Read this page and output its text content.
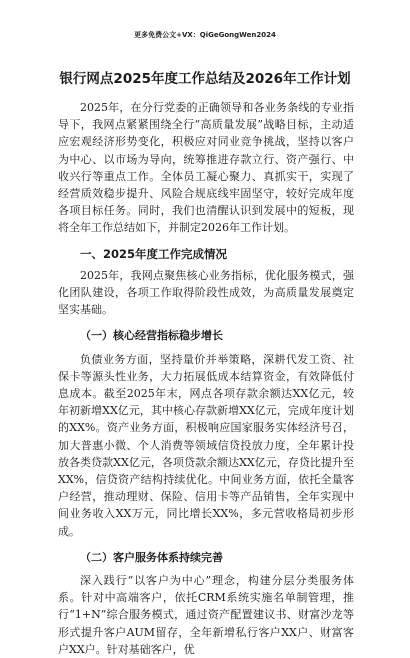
更多免费公文+VX：QiGeGongWen2024
银行网点2025年度工作总结及2026年工作计划

2025年，在分行党委的正确领导和各业务条线的专业指导下，我网点紧紧围绕全行“高质量发展”战略目标，主动适应宏观经济形势变化，积极应对同业竞争挑战，坚持以客户为中心、以市场为导向，统筹推进存款立行、资产强行、中收兴行等重点工作。全体员工凝心聚力、真抓实干，实现了经营质效稳步提升、风险合规底线牢固坚守，较好完成年度各项目标任务。同时，我们也清醒认识到发展中的短板，现将全年工作总结如下，并制定2026年工作计划。

一、2025年度工作完成情况

2025年，我网点聚焦核心业务指标，优化服务模式，强化团队建设，各项工作取得阶段性成效，为高质量发展奠定坚实基础。

（一）核心经营指标稳步增长

负债业务方面，坚持量价并举策略，深耕代发工资、社保卡等源头性业务，大力拓展低成本结算资金，有效降低付息成本。截至2025年末，网点各项存款余额达XX亿元，较年初新增XX亿元，其中核心存款新增XX亿元，完成年度计划的XX%。资产业务方面，积极响应国家服务实体经济号召，加大普惠小微、个人消费等领域信贷投放力度，全年累计投放各类贷款XX亿元，各项贷款余额达XX亿元，存贷比提升至XX%，信贷资产结构持续优化。中间业务方面，依托全量客户经营，推动理财、保险、信用卡等产品销售，全年实现中间业务收入XX万元，同比增长XX%，多元营收格局初步形成。

（二）客户服务体系持续完善

深入践行“以客户为中心”理念，构建分层分类服务体系。针对中高端客户，依托CRM系统实施名单制管理，推行“1+N”综合服务模式，通过资产配置建议书、财富沙龙等形式提升客户AUM留存，全年新增私行客户XX户、财富客户XX户。针对基础客户，优
